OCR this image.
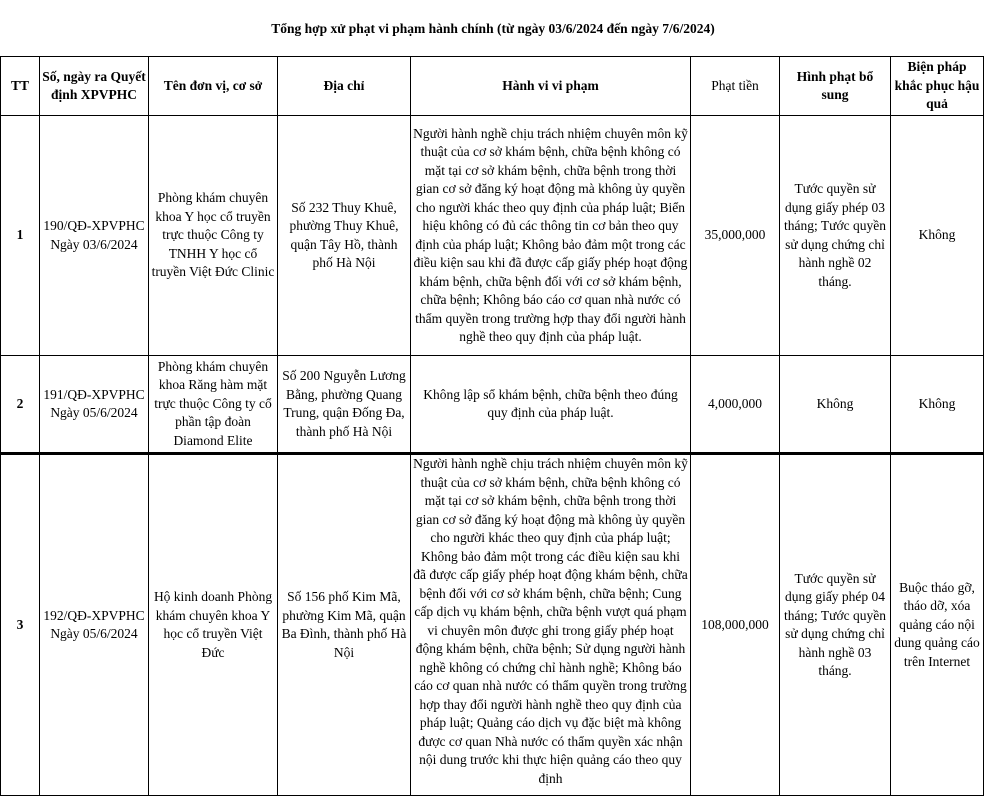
Tổng hợp xử phạt vi phạm hành chính (từ ngày 03/6/2024 đến ngày 7/6/2024)
TT	Số, ngày ra Quyết định XPVPHC	Tên đơn vị, cơ sở	Địa chỉ	Hành vi vi phạm	Phạt tiền	Hình phạt bổ sung	Biện pháp khắc phục hậu quả
1	190/QĐ-XPVPHC Ngày 03/6/2024	Phòng khám chuyên khoa Y học cổ truyền trực thuộc Công ty TNHH Y học cổ truyền Việt Đức Clinic	Số 232 Thuy Khuê, phường Thuy Khuê, quận Tây Hồ, thành phố Hà Nội	Người hành nghề chịu trách nhiệm chuyên môn kỹ thuật của cơ sở khám bệnh, chữa bệnh không có mặt tại cơ sở khám bệnh, chữa bệnh trong thời gian cơ sở đăng ký hoạt động mà không ủy quyền cho người khác theo quy định của pháp luật; Biển hiệu không có đủ các thông tin cơ bản theo quy định của pháp luật; Không bảo đảm một trong các điều kiện sau khi đã được cấp giấy phép hoạt động khám bệnh, chữa bệnh đối với cơ sở khám bệnh, chữa bệnh; Không báo cáo cơ quan nhà nước có thẩm quyền trong trường hợp thay đổi người hành nghề theo quy định của pháp luật.	35,000,000	Tước quyền sử dụng giấy phép 03 tháng; Tước quyền sử dụng chứng chỉ hành nghề 02 tháng.	Không
2	191/QĐ-XPVPHC Ngày 05/6/2024	Phòng khám chuyên khoa Răng hàm mặt trực thuộc Công ty cổ phần tập đoàn Diamond Elite	Số 200 Nguyễn Lương Bằng, phường Quang Trung, quận Đống Đa, thành phố Hà Nội	Không lập sổ khám bệnh, chữa bệnh theo đúng quy định của pháp luật.	4,000,000	Không	Không
3	192/QĐ-XPVPHC Ngày 05/6/2024	Hộ kinh doanh Phòng khám chuyên khoa Y học cổ truyền Việt Đức	Số 156 phố Kim Mã, phường Kim Mã, quận Ba Đình, thành phố Hà Nội	Người hành nghề chịu trách nhiệm chuyên môn kỹ thuật của cơ sở khám bệnh, chữa bệnh không có mặt tại cơ sở khám bệnh, chữa bệnh trong thời gian cơ sở đăng ký hoạt động mà không ủy quyền cho người khác theo quy định của pháp luật; Không bảo đảm một trong các điều kiện sau khi đã được cấp giấy phép hoạt động khám bệnh, chữa bệnh đối với cơ sở khám bệnh, chữa bệnh; Cung cấp dịch vụ khám bệnh, chữa bệnh vượt quá phạm vi chuyên môn được ghi trong giấy phép hoạt động khám bệnh, chữa bệnh; Sử dụng người hành nghề không có chứng chỉ hành nghề; Không báo cáo cơ quan nhà nước có thẩm quyền trong trường hợp thay đổi người hành nghề theo quy định của pháp luật; Quảng cáo dịch vụ đặc biệt mà không được cơ quan Nhà nước có thẩm quyền xác nhận nội dung trước khi thực hiện quảng cáo theo quy định	108,000,000	Tước quyền sử dụng giấy phép 04 tháng; Tước quyền sử dụng chứng chỉ hành nghề 03 tháng.	Buộc tháo gỡ, tháo dỡ, xóa quảng cáo nội dung quảng cáo trên Internet
